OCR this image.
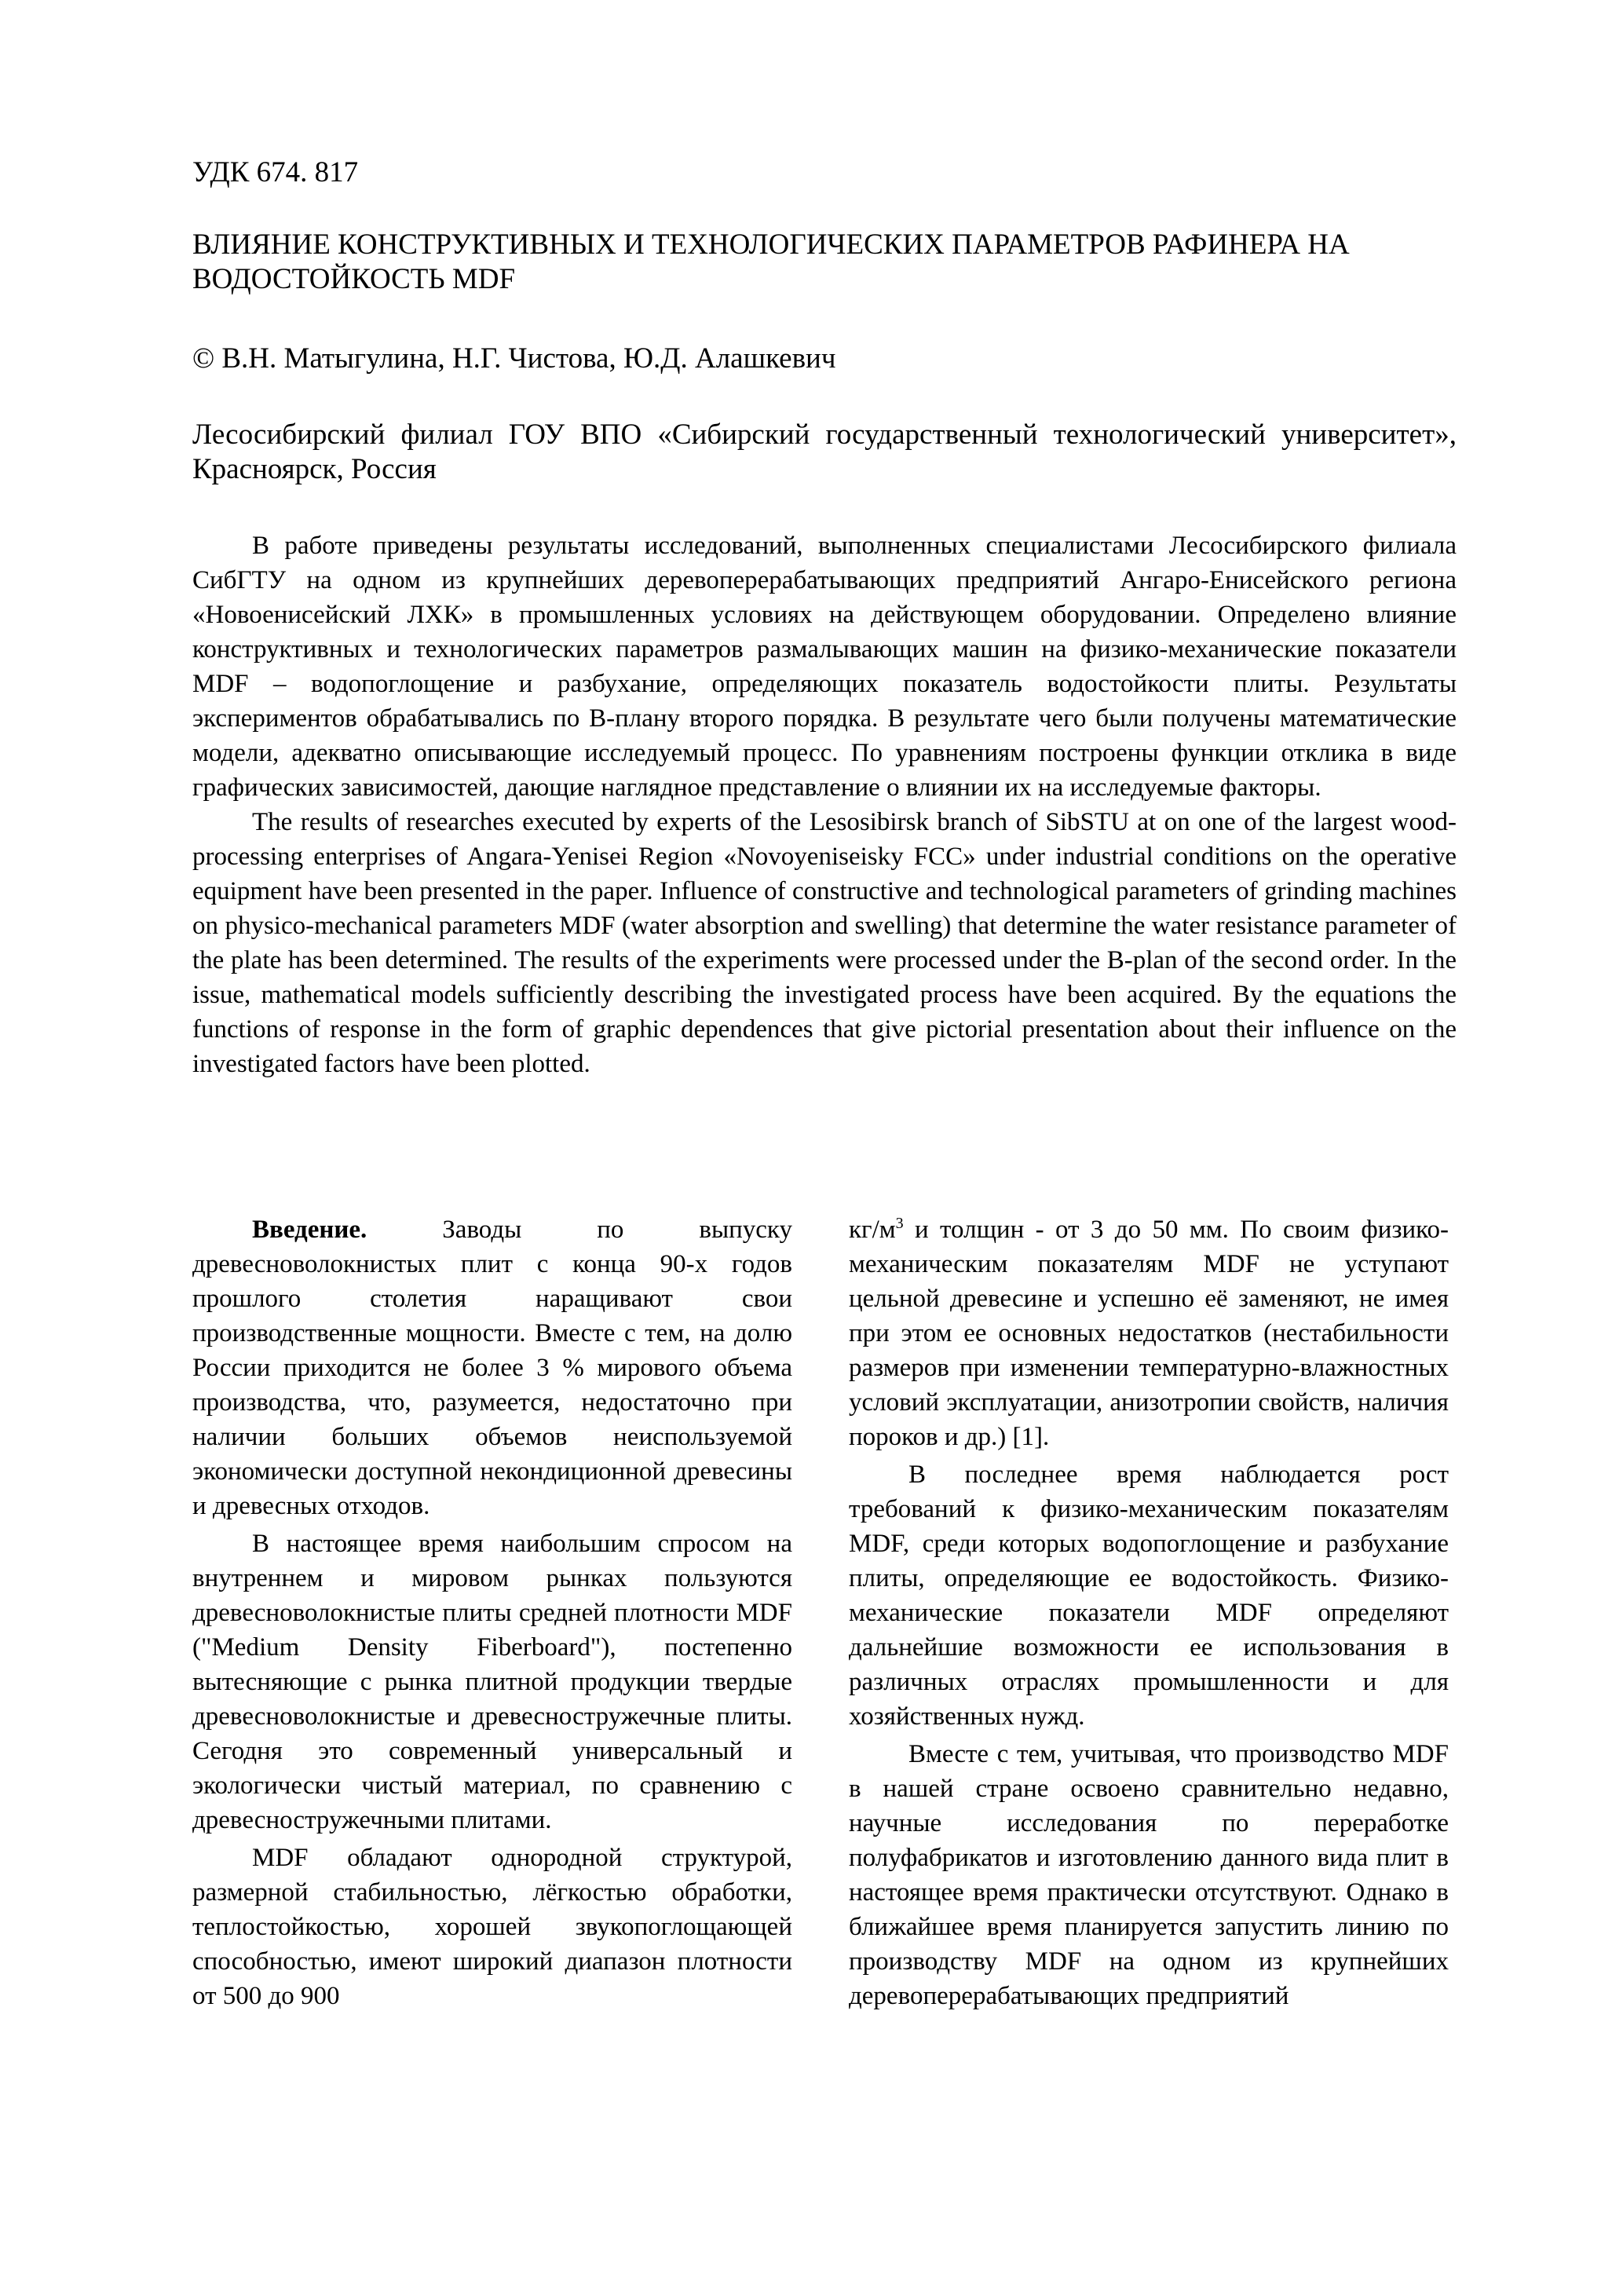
УДК 674. 817

ВЛИЯНИЕ КОНСТРУКТИВНЫХ И ТЕХНОЛОГИЧЕСКИХ ПАРАМЕТРОВ РАФИНЕРА НА ВОДОСТОЙКОСТЬ MDF

© В.Н. Матыгулина, Н.Г. Чистова, Ю.Д. Алашкевич

Лесосибирский филиал ГОУ ВПО «Сибирский государственный технологический университет», Красноярск, Россия

В работе приведены результаты исследований, выполненных специалистами Лесосибирского филиала СибГТУ на одном из крупнейших деревоперерабатывающих предприятий Ангаро-Енисейского региона «Новоенисейский ЛХК» в промышленных условиях на действующем оборудовании. Определено влияние конструктивных и технологических параметров размалывающих машин на физико-механические показатели MDF – водопоглощение и разбухание, определяющих показатель водостойкости плиты. Результаты экспериментов обрабатывались по В-плану второго порядка. В результате чего были получены математические модели, адекватно описывающие исследуемый процесс. По уравнениям построены функции отклика в виде графических зависимостей, дающие наглядное представление о влиянии их на исследуемые факторы.

The results of researches executed by experts of the Lesosibirsk branch of SibSTU at on one of the largest wood-processing enterprises of Angara-Yenisei Region «Novoyeniseisky FCC» under industrial conditions on the operative equipment have been presented in the paper. Influence of constructive and technological parameters of grinding machines on physico-mechanical parameters MDF (water absorption and swelling) that determine the water resistance parameter of the plate has been determined. The results of the experiments were processed under the B-plan of the second order. In the issue, mathematical models sufficiently describing the investigated process have been acquired. By the equations the functions of response in the form of graphic dependences that give pictorial presentation about their influence on the investigated factors have been plotted.

Введение. Заводы по выпуску древесноволокнистых плит с конца 90-х годов прошлого столетия наращивают свои производственные мощности. Вместе с тем, на долю России приходится не более 3 % мирового объема производства, что, разумеется, недостаточно при наличии больших объемов неиспользуемой экономически доступной некондиционной древесины и древесных отходов.

В настоящее время наибольшим спросом на внутреннем и мировом рынках пользуются древесноволокнистые плиты средней плотности MDF ("Medium Density Fiberboard"), постепенно вытесняющие с рынка плитной продукции твердые древесноволокнистые и древесностружечные плиты. Сегодня это современный универсальный и экологически чистый материал, по сравнению с древесностружечными плитами.

MDF обладают однородной структурой, размерной стабильностью, лёгкостью обработки, теплостойкостью, хорошей звукопоглощающей способностью, имеют широкий диапазон плотности от 500 до 900

$кг/м^3$ и толщин - от 3 до 50 мм. По своим физико-механическим показателям MDF не уступают цельной древесине и успешно её заменяют, не имея при этом ее основных недостатков (нестабильности размеров при изменении температурно-влажностных условий эксплуатации, анизотропии свойств, наличия пороков и др.) [1].

В последнее время наблюдается рост требований к физико-механическим показателям MDF, среди которых водопоглощение и разбухание плиты, определяющие ее водостойкость. Физико-механические показатели MDF определяют дальнейшие возможности ее использования в различных отраслях промышленности и для хозяйственных нужд.

Вместе с тем, учитывая, что производство MDF в нашей стране освоено сравнительно недавно, научные исследования по переработке полуфабрикатов и изготовлению данного вида плит в настоящее время практически отсутствуют. Однако в ближайшее время планируется запустить линию по производству MDF на одном из крупнейших деревоперерабатывающих предприятий
